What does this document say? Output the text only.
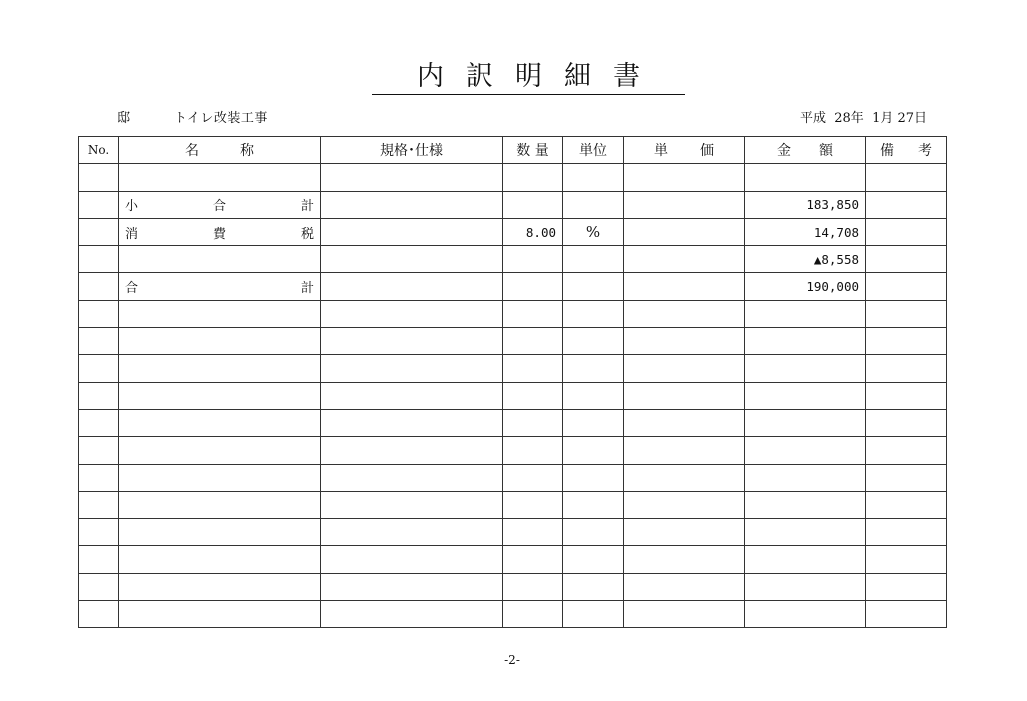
内訳明細書
邸	トイレ改装工事	平成  28年  1月 27日
No.	名 称	規格･仕様	数 量	単位	単 価	金 額	備 考

	小 合 計					183,850	

	消 費 税		8.00	%		14,708	
						▲8,558	

	合 計					190,000	

-2-
